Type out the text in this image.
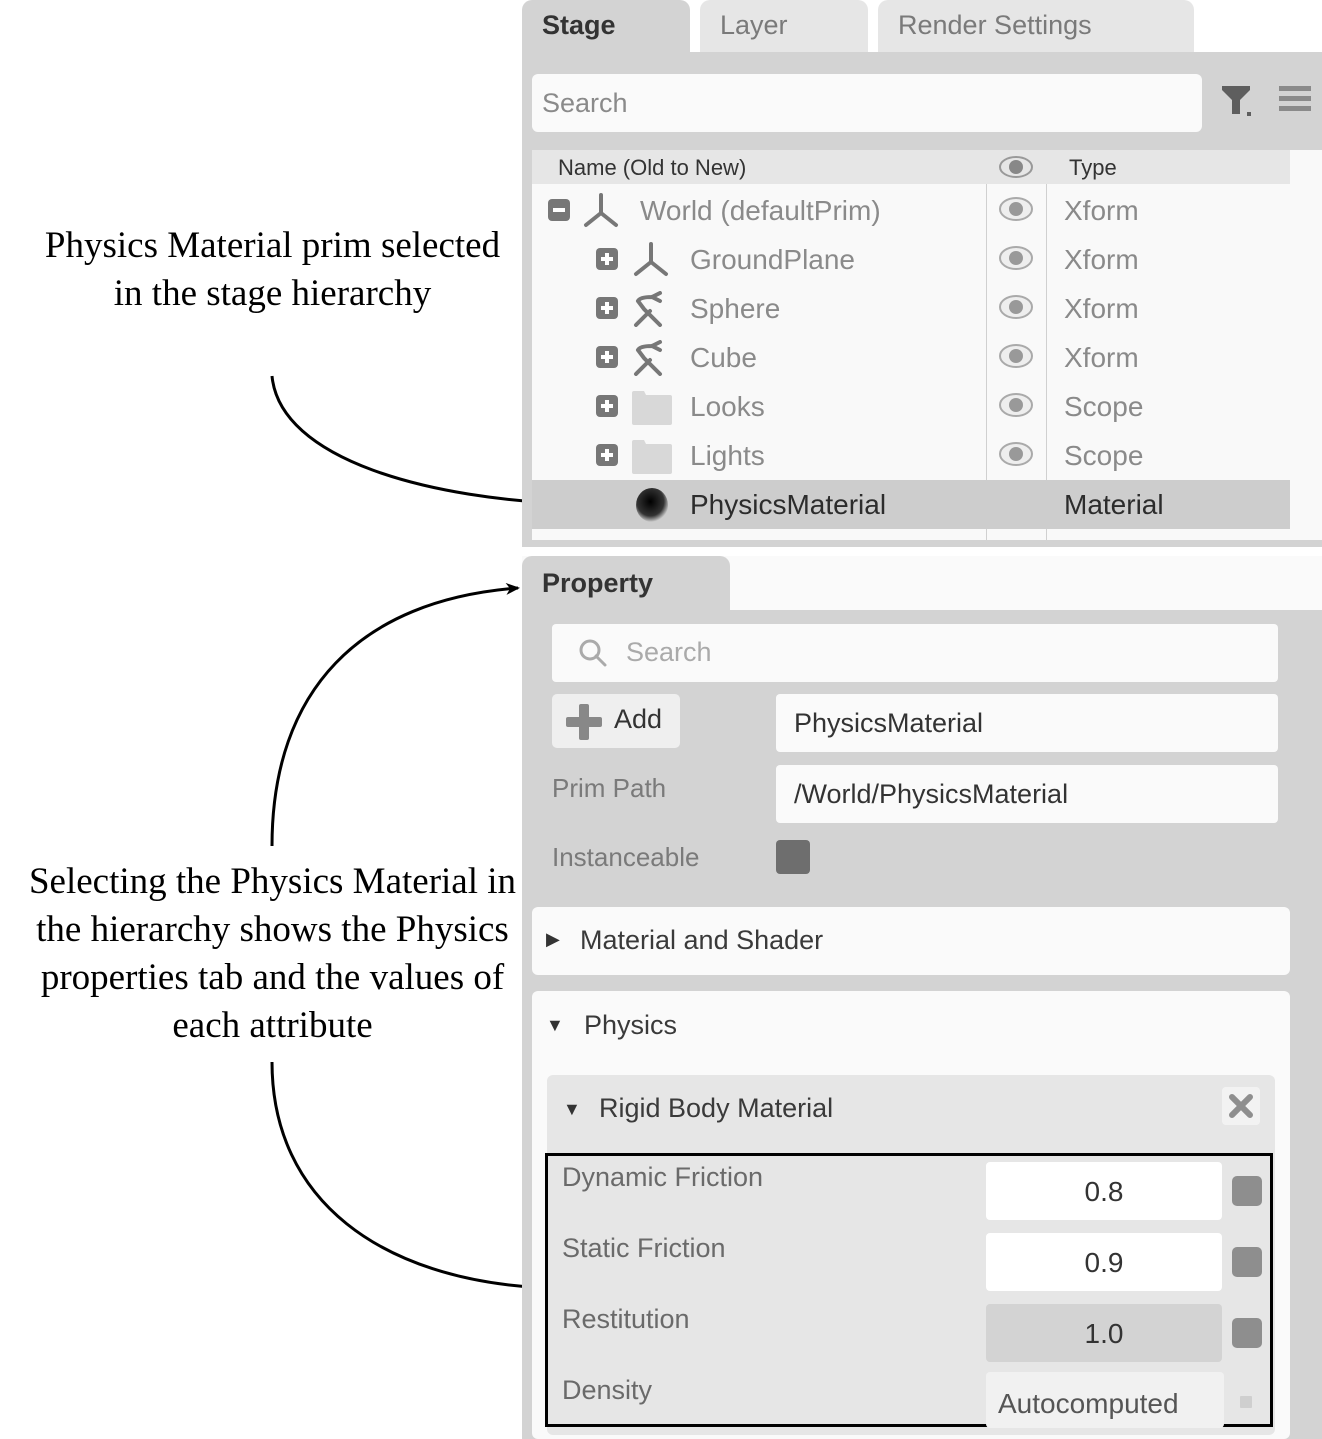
Physics Material prim selected in the stage hierarchy
Selecting the Physics Material in the hierarchy shows the Physics properties tab and the values of each attribute
Stage	Layer	Render Settings
Search
Name (Old to New)	Type
World (defaultPrim)	Xform
GroundPlane	Xform
Sphere	Xform
Cube	Xform
Looks	Scope
Lights	Scope
PhysicsMaterial	Material
Property
Search
Add	PhysicsMaterial
Prim Path	/World/PhysicsMaterial
Instanceable
▶ Material and Shader
▼ Physics
▼ Rigid Body Material
Dynamic Friction	0.8
Static Friction	0.9
Restitution	1.0
Density	Autocomputed
